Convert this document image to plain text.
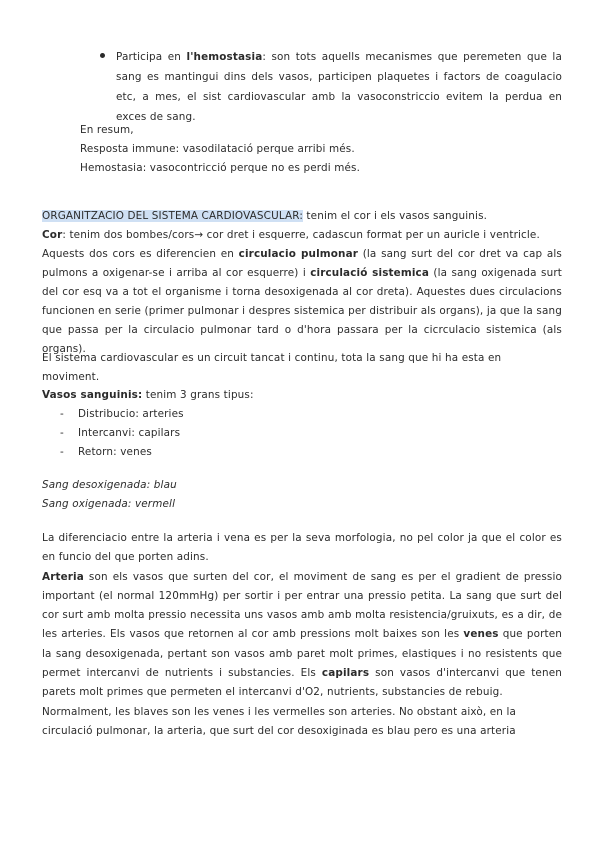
Participa en l'hemostasia: son tots aquells mecanismes que peremeten que la sang es mantingui dins dels vasos, participen plaquetes i factors de coagulacio etc, a mes, el sist cardiovascular amb la vasoconstriccio evitem la perdua en exces de sang.

En resum,

Resposta immune: vasodilatació perque arribi més.

Hemostasia: vasocontricció perque no es perdi més.

ORGANITZACIO DEL SISTEMA CARDIOVASCULAR: tenim el cor i els vasos sanguinis.

Cor: tenim dos bombes/cors→ cor dret i esquerre, cadascun format per un auricle i ventricle.

Aquests dos cors es diferencien en circulacio pulmonar (la sang surt del cor dret va cap als pulmons a oxigenar-se i arriba al cor esquerre) i circulació sistemica (la sang oxigenada surt del cor esq va a tot el organisme i torna desoxigenada al cor dreta). Aquestes dues circulacions funcionen en serie (primer pulmonar i despres sistemica per distribuir als organs), ja que la sang que passa per la circulacio pulmonar tard o d'hora passara per la cicrculacio sistemica (als organs).

El sistema cardiovascular es un circuit tancat i continu, tota la sang que hi ha esta en moviment.

Vasos sanguinis: tenim 3 grans tipus:

- Distribucio: arteries
- Intercanvi: capilars
- Retorn: venes

Sang desoxigenada: blau

Sang oxigenada: vermell

La diferenciacio entre la arteria i vena es per la seva morfologia, no pel color ja que el color es en funcio del que porten adins.

Arteria son els vasos que surten del cor, el moviment de sang es per el gradient de pressio important (el normal 120mmHg) per sortir i per entrar una pressio petita. La sang que surt del cor surt amb molta pressio necessita uns vasos amb amb molta resistencia/gruixuts, es a dir, de les arteries. Els vasos que retornen al cor amb pressions molt baixes son les venes que porten la sang desoxigenada, pertant son vasos amb paret molt primes, elastiques i no resistents que permet intercanvi de nutrients i substancies. Els capilars son vasos d'intercanvi que tenen parets molt primes que permeten el intercanvi d'O2, nutrients, substancies de rebuig.

Normalment, les blaves son les venes i les vermelles son arteries. No obstant això, en la circulació pulmonar, la arteria, que surt del cor desoxiginada es blau pero es una arteria
